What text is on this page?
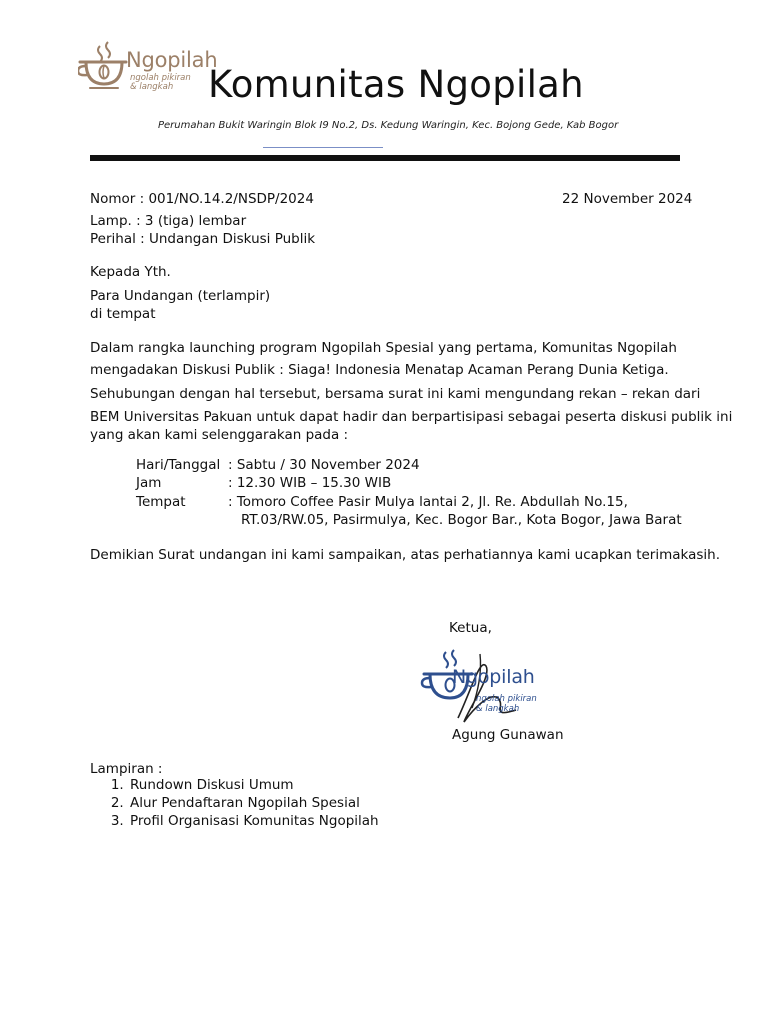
Ngopilah
ngolah pikiran
& langkah Komunitas Ngopilah
Perumahan Bukit Waringin Blok I9 No.2, Ds. Kedung Waringin, Kec. Bojong Gede, Kab Bogor
Nomor : 001/NO.14.2/NSDP/2024	22 November 2024
Lamp. : 3 (tiga) lembar
Perihal : Undangan Diskusi Publik
Kepada Yth.
Para Undangan (terlampir)
di tempat
Dalam rangka launching program Ngopilah Spesial yang pertama, Komunitas Ngopilah
mengadakan Diskusi Publik : Siaga! Indonesia Menatap Acaman Perang Dunia Ketiga.
Sehubungan dengan hal tersebut, bersama surat ini kami mengundang rekan – rekan dari
BEM Universitas Pakuan untuk dapat hadir dan berpartisipasi sebagai peserta diskusi publik ini
yang akan kami selenggarakan pada :
Hari/Tanggal : Sabtu / 30 November 2024
Jam	: 12.30 WIB – 15.30 WIB
Tempat	: Tomoro Coffee Pasir Mulya lantai 2, Jl. Re. Abdullah No.15,
RT.03/RW.05, Pasirmulya, Kec. Bogor Bar., Kota Bogor, Jawa Barat
Demikian Surat undangan ini kami sampaikan, atas perhatiannya kami ucapkan terimakasih.
Ketua,
Ngopilah
ngolah pikiran
& langkah
Agung Gunawan
Lampiran :
1. Rundown Diskusi Umum
2. Alur Pendaftaran Ngopilah Spesial
3. Profil Organisasi Komunitas Ngopilah
